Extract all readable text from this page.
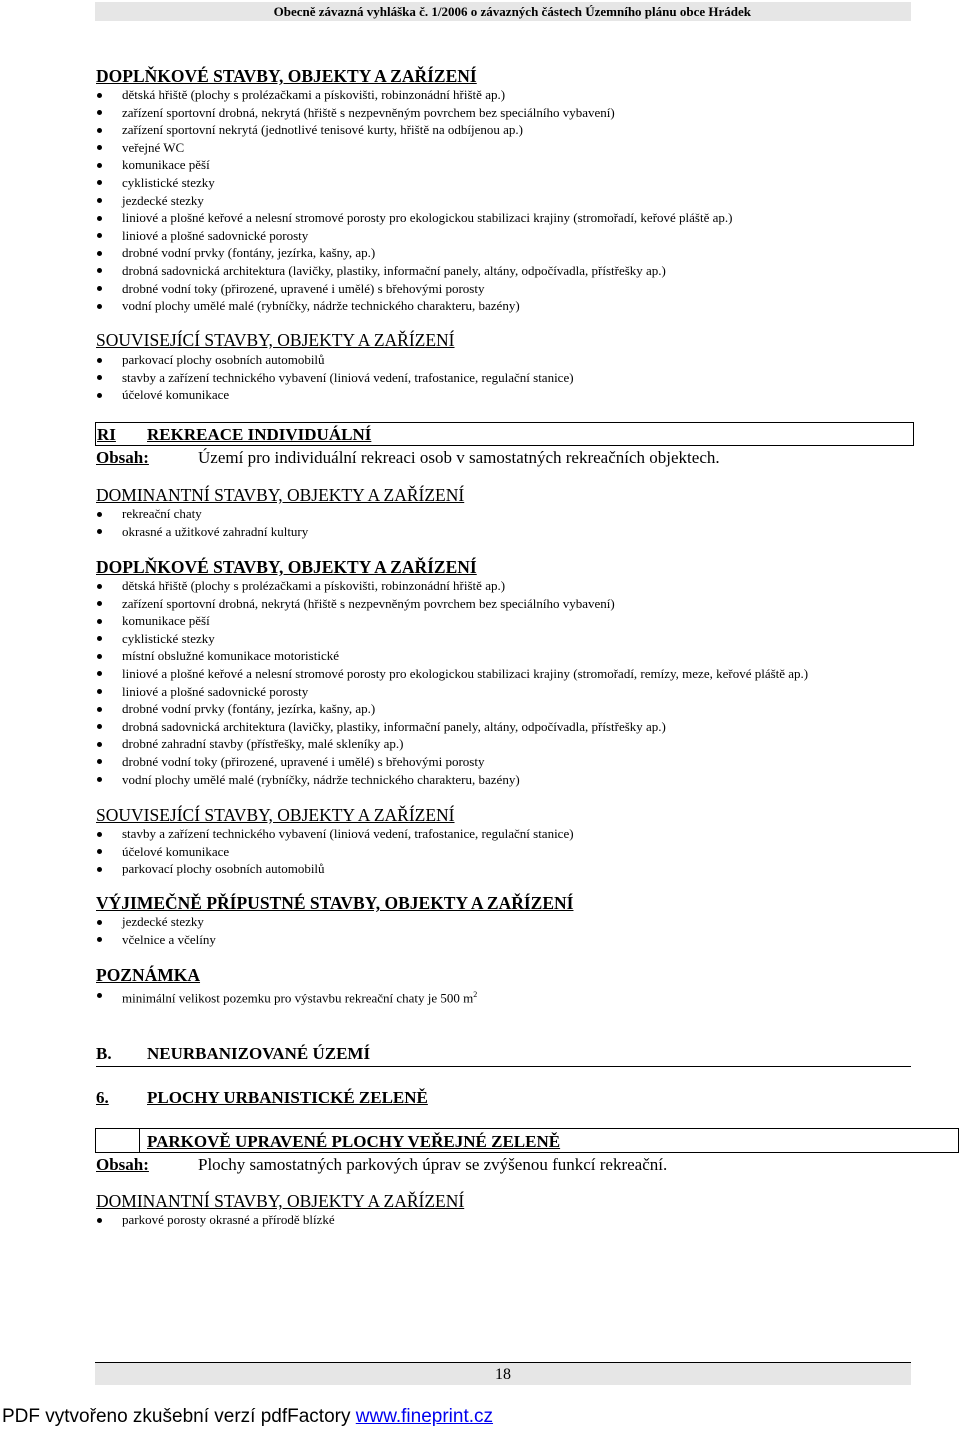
Obecně závazná vyhláška č. 1/2006 o závazných částech Územního plánu obce Hrádek
DOPLŇKOVÉ STAVBY, OBJEKTY A ZAŘÍZENÍ
dětská hřiště (plochy s prolézačkami a pískovišti, robinzonádní hřiště ap.)
zařízení sportovní drobná, nekrytá (hřiště s nezpevněným povrchem bez speciálního vybavení)
zařízení sportovní nekrytá (jednotlivé tenisové kurty, hřiště na odbíjenou ap.)
veřejné WC
komunikace pěší
cyklistické stezky
jezdecké stezky
liniové a plošné keřové a nelesní stromové porosty pro ekologickou stabilizaci krajiny (stromořadí, keřové pláště ap.)
liniové a plošné sadovnické porosty
drobné vodní prvky (fontány, jezírka, kašny, ap.)
drobná sadovnická architektura (lavičky, plastiky, informační panely, altány, odpočívadla, přístřešky ap.)
drobné vodní toky (přirozené, upravené i umělé) s břehovými porosty
vodní plochy umělé malé (rybníčky, nádrže technického charakteru, bazény)
SOUVISEJÍCÍ STAVBY, OBJEKTY A ZAŘÍZENÍ
parkovací plochy osobních automobilů
stavby a zařízení technického vybavení (liniová vedení, trafostanice, regulační stanice)
účelové komunikace
RI REKREACE INDIVIDUÁLNÍ
Obsah:	Území pro individuální rekreaci osob v samostatných rekreačních objektech.
DOMINANTNÍ STAVBY, OBJEKTY A ZAŘÍZENÍ
rekreační chaty
okrasné a užitkové zahradní kultury
DOPLŇKOVÉ STAVBY, OBJEKTY A ZAŘÍZENÍ
dětská hřiště (plochy s prolézačkami a pískovišti, robinzonádní hřiště ap.)
zařízení sportovní drobná, nekrytá (hřiště s nezpevněným povrchem bez speciálního vybavení)
komunikace pěší
cyklistické stezky
místní obslužné komunikace motoristické
liniové a plošné keřové a nelesní stromové porosty pro ekologickou stabilizaci krajiny (stromořadí, remízy, meze, keřové pláště ap.)
liniové a plošné sadovnické porosty
drobné vodní prvky (fontány, jezírka, kašny, ap.)
drobná sadovnická architektura (lavičky, plastiky, informační panely, altány, odpočívadla, přístřešky ap.)
drobné zahradní stavby (přístřešky, malé skleníky ap.)
drobné vodní toky (přirozené, upravené i umělé) s břehovými porosty
vodní plochy umělé malé (rybníčky, nádrže technického charakteru, bazény)
SOUVISEJÍCÍ STAVBY, OBJEKTY A ZAŘÍZENÍ
stavby a zařízení technického vybavení (liniová vedení, trafostanice, regulační stanice)
účelové komunikace
parkovací plochy osobních automobilů
VÝJIMEČNĚ PŘÍPUSTNÉ STAVBY, OBJEKTY A ZAŘÍZENÍ
jezdecké stezky
včelnice a včelíny
POZNÁMKA
minimální velikost pozemku pro výstavbu rekreační chaty je 500 $m^2$
B. NEURBANIZOVANÉ ÚZEMÍ
6. PLOCHY URBANISTICKÉ ZELENĚ
PARKOVĚ UPRAVENÉ PLOCHY VEŘEJNÉ ZELENĚ
Obsah:	Plochy samostatných parkových úprav se zvýšenou funkcí rekreační.
DOMINANTNÍ STAVBY, OBJEKTY A ZAŘÍZENÍ
parkové porosty okrasné a přírodě blízké
18
PDF vytvořeno zkušební verzí pdfFactory www.fineprint.cz
